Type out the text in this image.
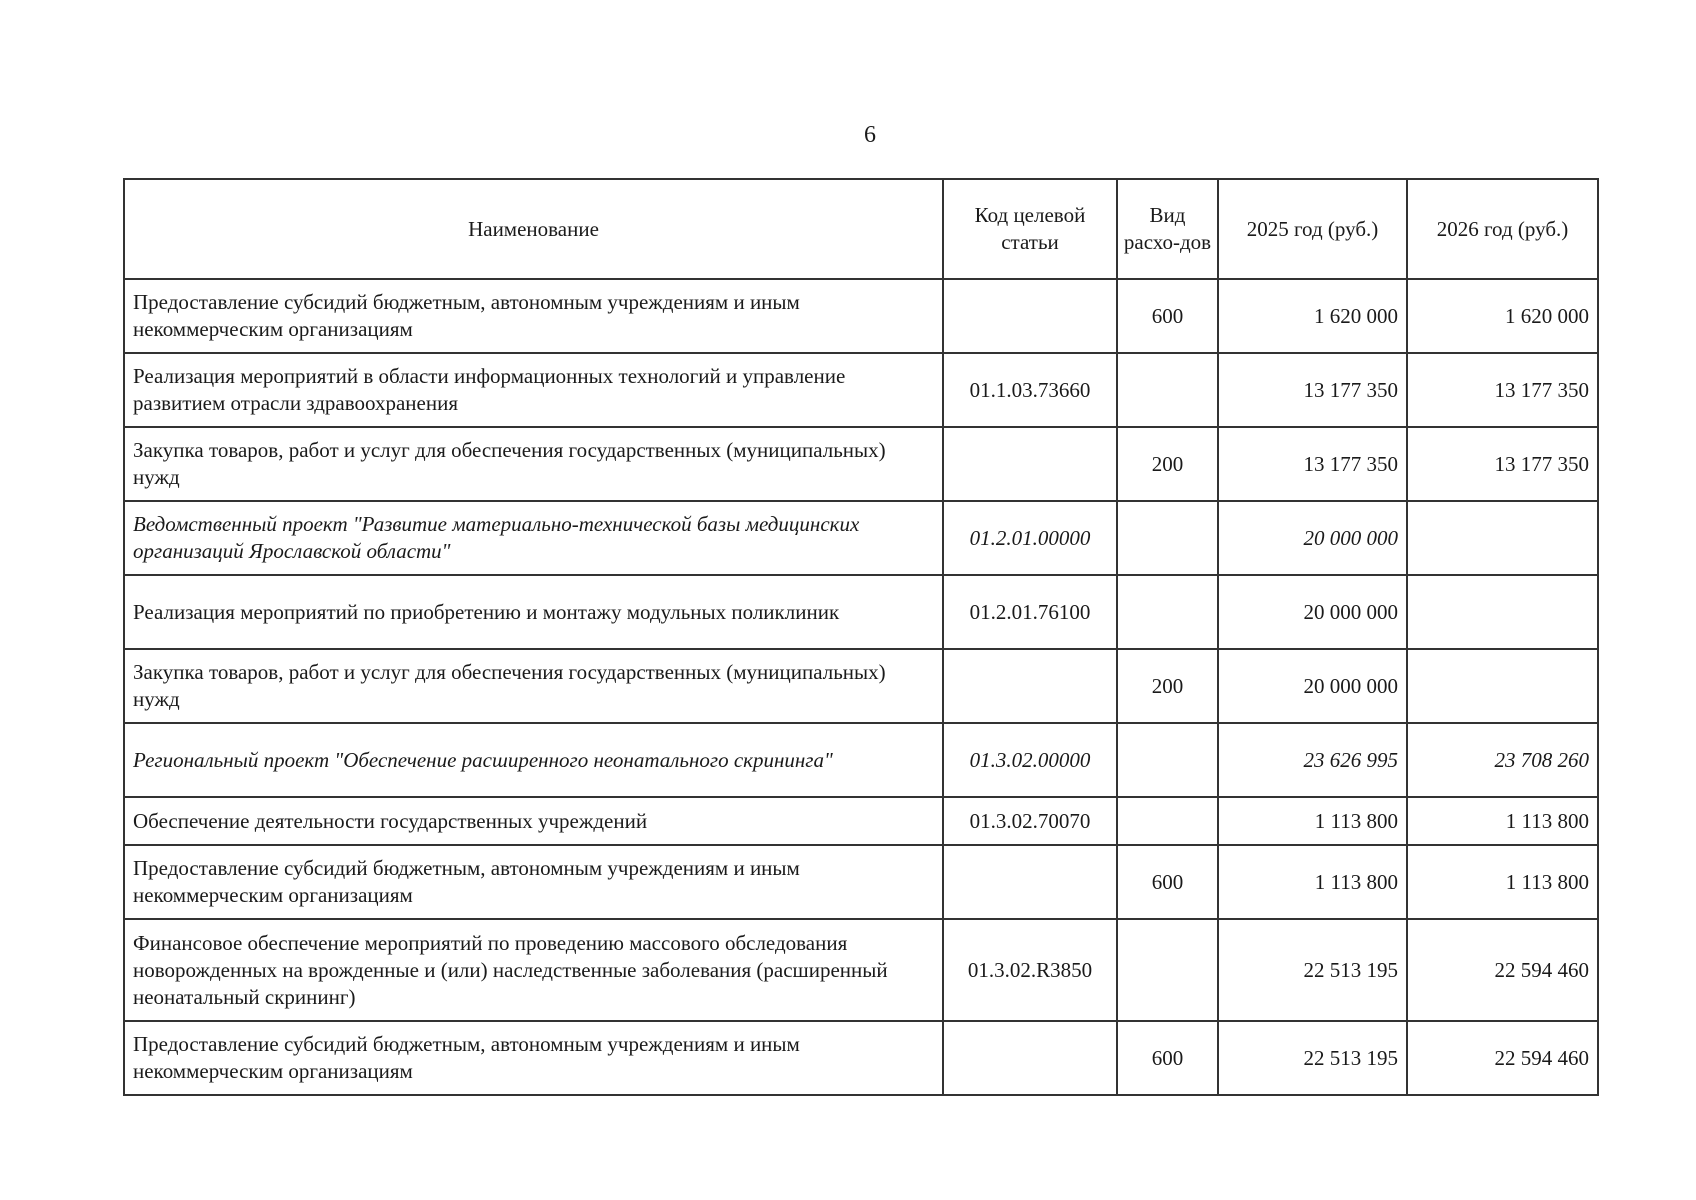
6
Наименование	Код целевой статьи	Вид расхо-дов	2025 год (руб.)	2026 год (руб.)
Предоставление субсидий бюджетным, автономным учреждениям и иным некоммерческим организациям		600	1 620 000	1 620 000
Реализация мероприятий в области информационных технологий и управление развитием отрасли здравоохранения	01.1.03.73660		13 177 350	13 177 350
Закупка товаров, работ и услуг для обеспечения государственных (муниципальных) нужд		200	13 177 350	13 177 350
Ведомственный проект "Развитие материально-технической базы медицинских организаций Ярославской области"	01.2.01.00000		20 000 000	
Реализация мероприятий по приобретению и монтажу модульных поликлиник	01.2.01.76100		20 000 000	
Закупка товаров, работ и услуг для обеспечения государственных (муниципальных) нужд		200	20 000 000	
Региональный проект "Обеспечение расширенного неонатального скрининга"	01.3.02.00000		23 626 995	23 708 260
Обеспечение деятельности государственных учреждений	01.3.02.70070		1 113 800	1 113 800
Предоставление субсидий бюджетным, автономным учреждениям и иным некоммерческим организациям		600	1 113 800	1 113 800
Финансовое обеспечение мероприятий по проведению массового обследования новорожденных на врожденные и (или) наследственные заболевания (расширенный неонатальный скрининг)	01.3.02.R3850		22 513 195	22 594 460
Предоставление субсидий бюджетным, автономным учреждениям и иным некоммерческим организациям		600	22 513 195	22 594 460
